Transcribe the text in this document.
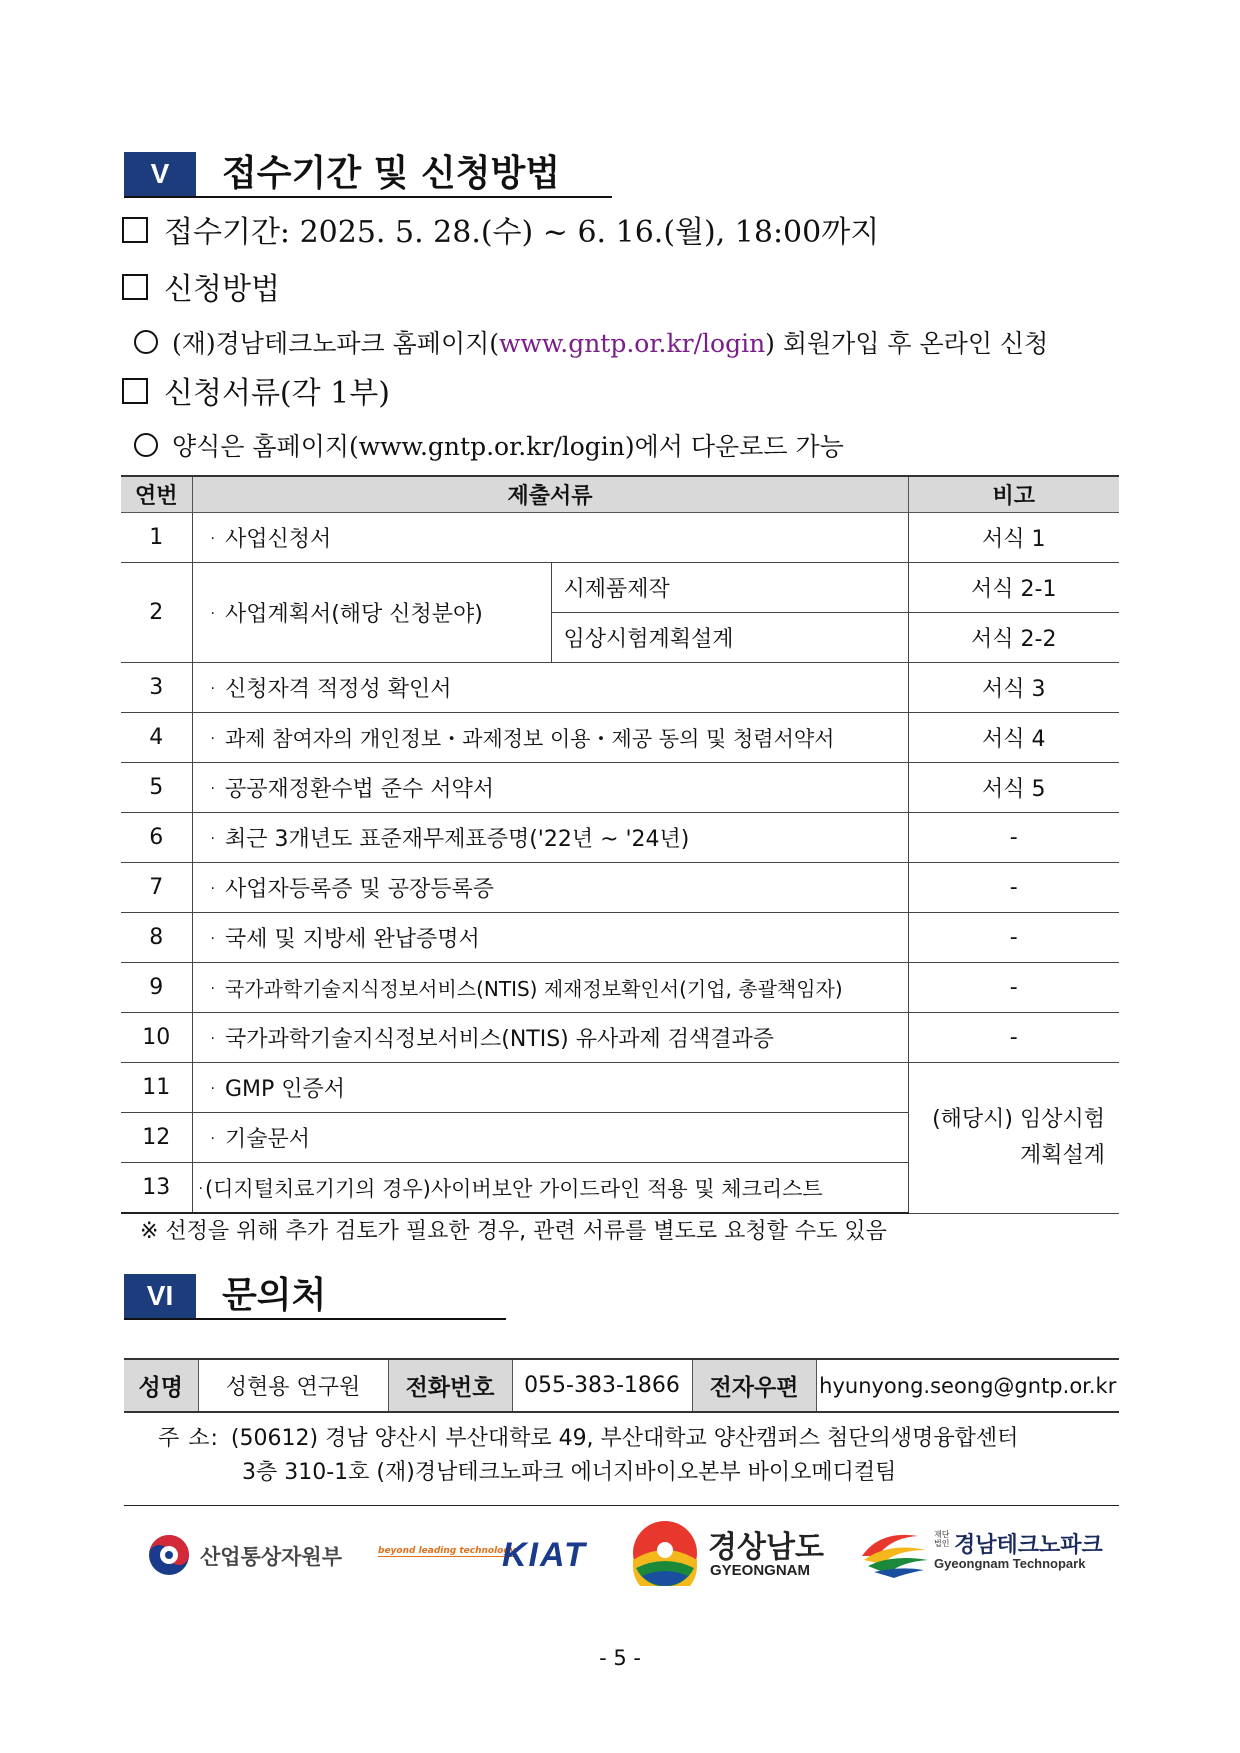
V	접수기간 및 신청방법
접수기간: 2025. 5. 28.(수) ~ 6. 16.(월), 18:00까지
신청방법
(재)경남테크노파크 홈페이지(www.gntp.or.kr/login) 회원가입 후 온라인 신청
신청서류(각 1부)
양식은 홈페이지(www.gntp.or.kr/login)에서 다운로드 가능
연번	제출서류		비고
1	· 사업신청서		서식 1
2	· 사업계획서(해당 신청분야)	시제품제작	서식 2-1
		임상시험계획설계	서식 2-2
3	· 신청자격 적정성 확인서		서식 3
4	· 과제 참여자의 개인정보・과제정보 이용・제공 동의 및 청렴서약서		서식 4
5	· 공공재정환수법 준수 서약서		서식 5
6	· 최근 3개년도 표준재무제표증명('22년 ~ '24년)		-
7	· 사업자등록증 및 공장등록증		-
8	· 국세 및 지방세 완납증명서		-
9	· 국가과학기술지식정보서비스(NTIS) 제재정보확인서(기업, 총괄책임자)		-
10	· 국가과학기술지식정보서비스(NTIS) 유사과제 검색결과증		-
11	· GMP 인증서		(해당시) 임상시험
계획설계

12	· 기술문서		
13	·(디지털치료기기의 경우)사이버보안 가이드라인 적용 및 체크리스트		
※ 선정을 위해 추가 검토가 필요한 경우, 관련 서류를 별도로 요청할 수도 있음
VI	문의처
성명	성현용 연구원	전화번호	055-383-1866	전자우편	hyunyong.seong@gntp.or.kr
주 소: (50612) 경남 양산시 부산대학로 49, 부산대학교 양산캠퍼스 첨단의생명융합센터
3층 310-1호 (재)경남테크노파크 에너지바이오본부 바이오메디컬팀
산업통상자원부	beyond leading technology
KIAT	경상남도
GYEONGNAM
재단법인 경남테크노파크
Gyeongnam Technopark
- 5 -
